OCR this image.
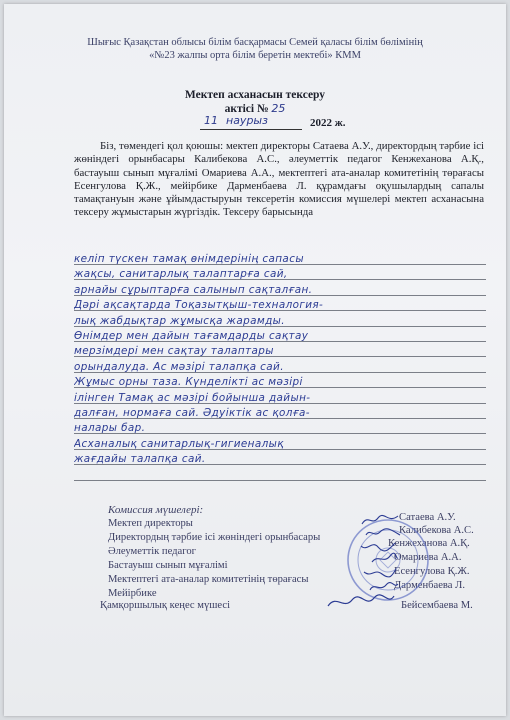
Шығыс Қазақстан облысы білім басқармасы Семей қаласы білім бөлімінің
«№23 жалпы орта білім беретін мектебі» КММ
Мектеп асханасын тексеру
актісі № 25
11 наурыз	2022 ж.
Біз, төмендегі қол қоюшы: мектеп директоры Сатаева А.У., директордың тәрбие ісі жөніндегі орынбасары Калибекова А.С., әлеуметтік педагог Кенжеханова А.Қ., бастауыш сынып мұғалімі Омариева А.А., мектептегі ата-аналар комитетінің төрағасы Есенгулова Қ.Ж., мейірбике Дарменбаева Л. құрамдағы оқушылардың сапалы тамақтануын және ұйымдастыруын тексеретін комиссия мүшелері мектеп асханасына тексеру жұмыстарын жүргіздік. Тексеру барысында
келіп түскен тамақ өнімдерінің сапасы
жақсы, санитарлық талаптарға сай,
арнайы сұрыптарға салынып сақталған.
Дәрі ақсақтарда Тоқазытқыш-техналогия-
лық жабдықтар жұмысқа жарамды.
Өнімдер мен дайын тағамдарды сақтау
мерзімдері мен сақтау талаптары
орындалуда. Ас мәзірі талапқа сай.
Жұмыс орны таза. Күнделікті ас мәзірі
ілінген Тамақ ас мәзірі бойынша дайын-
далған, нормаға сай. Әдуіктік ас қолға-
налары бар.
Асханалық санитарлық-гигиеналық
жағдайы талапқа сай.
Комиссия мүшелері:
Мектеп директоры
Директордың тәрбие ісі жөніндегі орынбасары
Әлеуметтік педагог
Бастауыш сынып мұғалімі
Мектептегі ата-аналар комитетінің төрағасы
Мейірбике
Қамқоршылық кеңес мүшесі
Сатаева А.У.
Калибекова А.С.
Кенжеханова А.Қ.
Омариева А.А.
Есенгулова Қ.Ж.
Дарменбаева Л.
Бейсембаева М.
